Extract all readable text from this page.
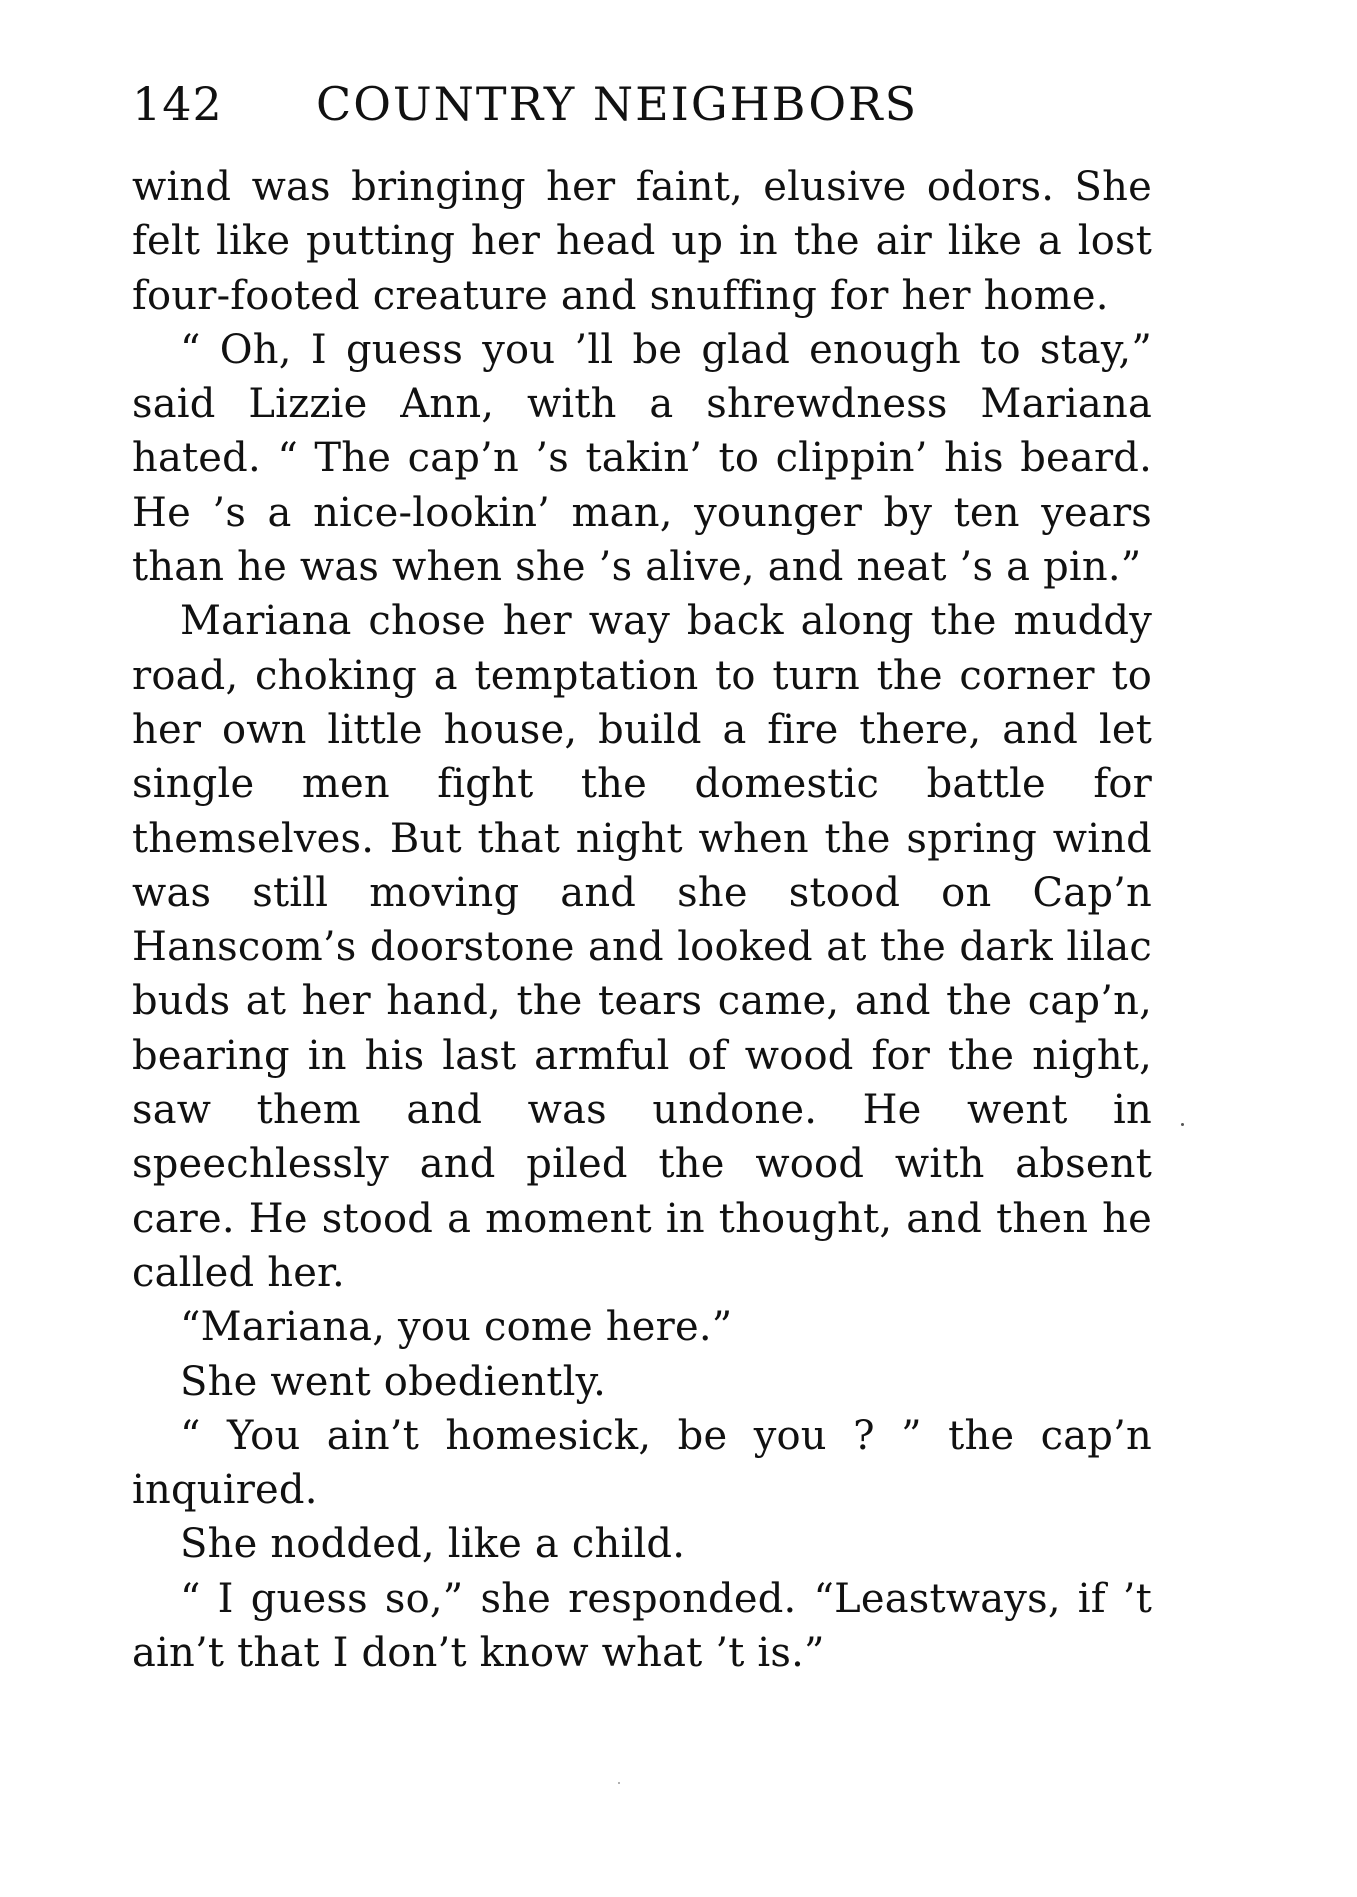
142 COUNTRY NEIGHBORS

wind was bringing her faint, elusive odors. She felt like putting her head up in the air like a lost four-footed creature and snuffing for her home.

“ Oh, I guess you ’ll be glad enough to stay,” said Lizzie Ann, with a shrewdness Mariana hated. “ The cap’n ’s takin’ to clippin’ his beard. He ’s a nice-lookin’ man, younger by ten years than he was when she ’s alive, and neat ’s a pin.”

Mariana chose her way back along the muddy road, choking a temptation to turn the corner to her own little house, build a fire there, and let single men fight the domestic battle for themselves. But that night when the spring wind was still moving and she stood on Cap’n Hanscom’s doorstone and looked at the dark lilac buds at her hand, the tears came, and the cap’n, bearing in his last armful of wood for the night, saw them and was undone. He went in speechlessly and piled the wood with absent care. He stood a moment in thought, and then he called her.

“Mariana, you come here.”

She went obediently.

“ You ain’t homesick, be you ? ” the cap’n inquired.

She nodded, like a child.

“ I guess so,” she responded. “Leastways, if ’t ain’t that I don’t know what ’t is.”
